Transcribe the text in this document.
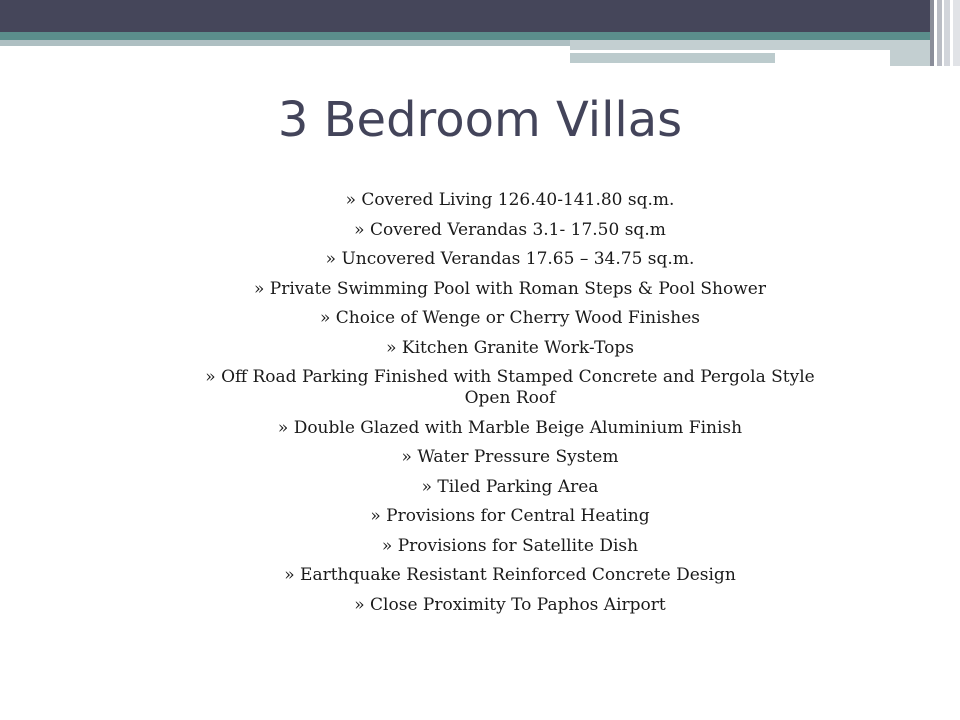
3 Bedroom Villas
» Covered Living 126.40-141.80 sq.m.
» Covered Verandas 3.1- 17.50 sq.m
» Uncovered Verandas 17.65 – 34.75 sq.m.
» Private Swimming Pool with Roman Steps & Pool Shower
» Choice of Wenge or Cherry Wood Finishes
» Kitchen Granite Work-Tops
» Off Road Parking Finished with Stamped Concrete and Pergola Style Open Roof
» Double Glazed with Marble Beige Aluminium Finish
» Water Pressure System
» Tiled Parking Area
» Provisions for Central Heating
» Provisions for Satellite Dish
» Earthquake Resistant Reinforced Concrete Design
» Close Proximity To Paphos Airport
